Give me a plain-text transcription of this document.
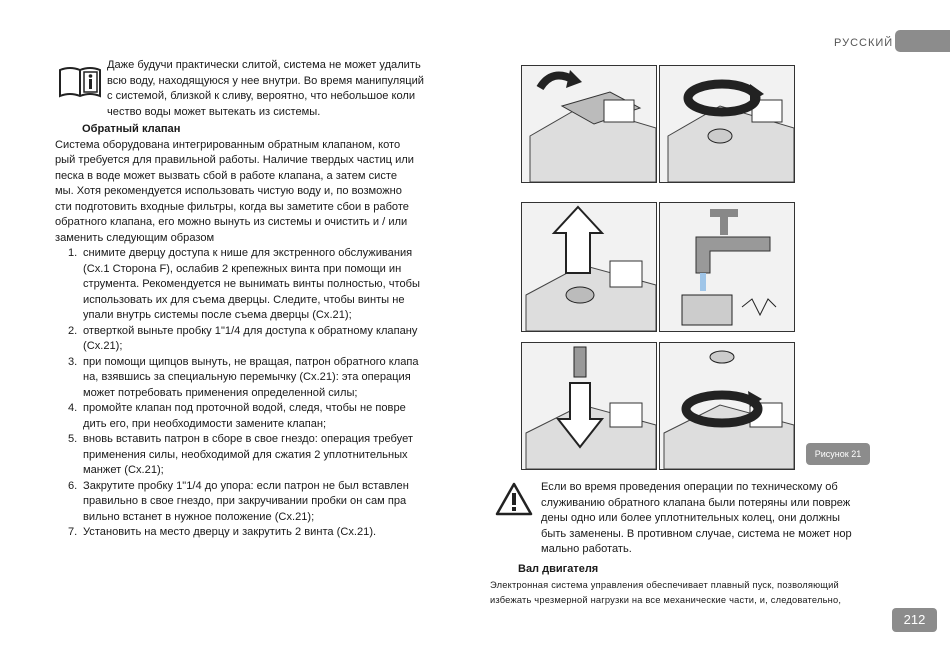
РУССКИЙ

Даже будучи практически слитой, система не может удалить

всю воду, находящуюся у нее внутри. Во время манипуляций

с системой, близкой к сливу, вероятно, что небольшое коли

чество воды может вытекать из системы.

Обратный клапан

Система оборудована интегрированным обратным клапаном, кото

рый требуется для правильной работы. Наличие твердых частиц или

песка в воде может вызвать сбой в работе клапана, а затем систе

мы. Хотя рекомендуется использовать чистую воду и, по возможно

сти подготовить входные фильтры, когда вы заметите сбои в работе

обратного клапана, его можно вынуть из системы и очистить и / или

заменить следующим образом

1. снимите дверцу доступа к нише для экстренного обслуживания
(Сх.1 Сторона F), ослабив 2 крепежных винта при помощи ин
струмента. Рекомендуется не вынимать винты полностью, чтобы
использовать их для съема дверцы. Следите, чтобы винты не
упали внутрь системы после съема дверцы (Сх.21);
2. отверткой выньте пробку 1"1/4 для доступа к обратному клапану
(Сх.21);
3. при помощи щипцов вынуть, не вращая, патрон обратного клапа
на, взявшись за специальную перемычку (Сх.21): эта операция
может потребовать применения определенной силы;
4. промойте клапан под проточной водой, следя, чтобы не повре
дить его, при необходимости замените клапан;
5. вновь вставить патрон в сборе в свое гнездо: операция требует
применения силы, необходимой для сжатия 2 уплотнительных
манжет (Сх.21);
6. Закрутите пробку 1"1/4 до упора: если патрон не был вставлен
правильно в свое гнездо, при закручивании пробки он сам пра
вильно встанет в нужное положение (Сх.21);
7. Установить на место дверцу и закрутить 2 винта (Сх.21).
Рисунок 21

Если во время проведения операции по техническому об

служиванию обратного клапана были потеряны или повреж

дены одно или более уплотнительных колец, они должны

быть заменены. В противном случае, система не может нор

мально работать.

Вал двигателя
Электронная система управления обеспечивает плавный пуск, позволяющий
избежать чрезмерной нагрузки на все механические части, и, следовательно,
212
